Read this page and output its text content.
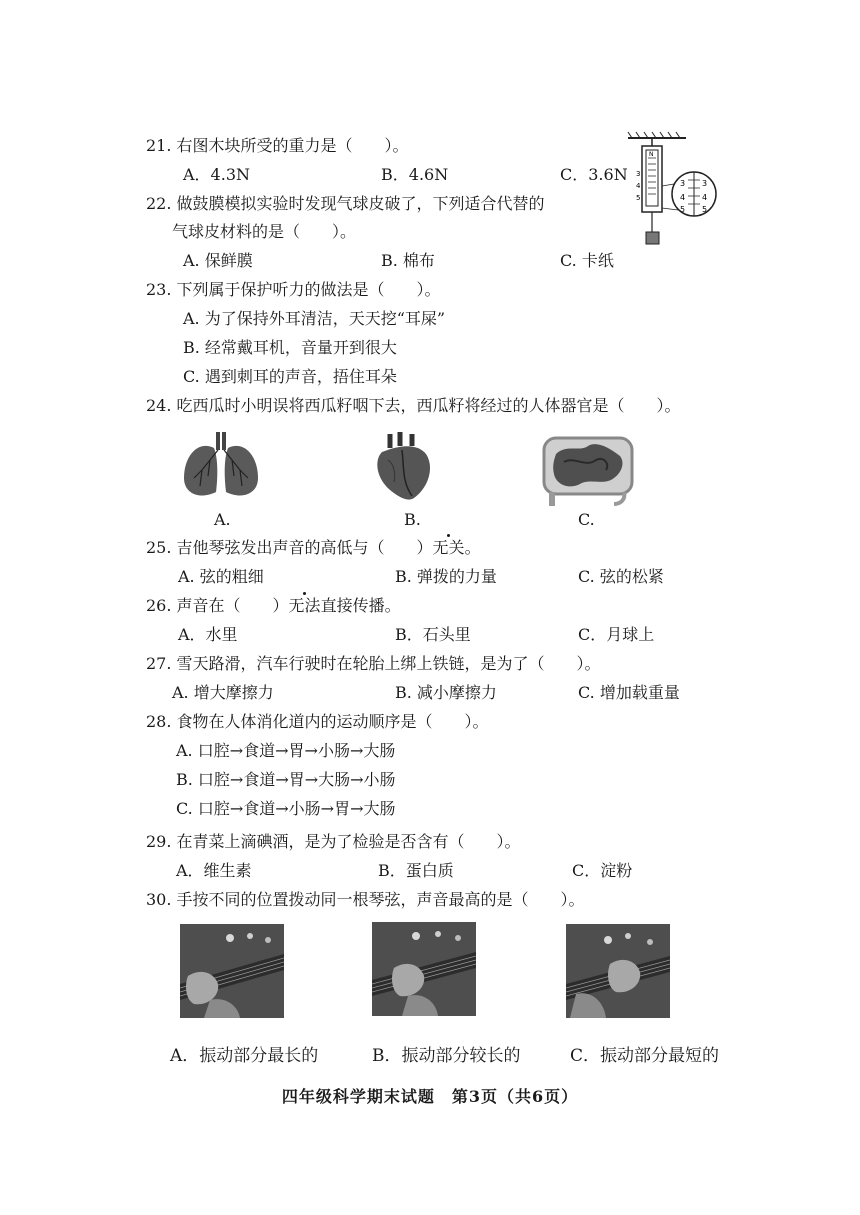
21. 右图木块所受的重力是（　　）。
A．4.3N	B．4.6N	C．3.6N
N
3
4
5
3
4
5
3
4
5
22. 做鼓膜模拟实验时发现气球皮破了，下列适合代替的
气球皮材料的是（　　）。
A. 保鲜膜	B. 棉布	C. 卡纸
23. 下列属于保护听力的做法是（　　）。
A. 为了保持外耳清洁，天天挖“耳屎”
B. 经常戴耳机，音量开到很大
C. 遇到刺耳的声音，捂住耳朵
24. 吃西瓜时小明误将西瓜籽咽下去，西瓜籽将经过的人体器官是（　　）。
A.	B.	C.
25. 吉他琴弦发出声音的高低与（　　）无关。
A. 弦的粗细	B. 弹拨的力量	C. 弦的松紧
26. 声音在（　　）无法直接传播。
A．水里	B．石头里	C．月球上
27. 雪天路滑，汽车行驶时在轮胎上绑上铁链，是为了（　　）。
A. 增大摩擦力	B. 减小摩擦力	C. 增加载重量
28. 食物在人体消化道内的运动顺序是（　　）。
A. 口腔→食道→胃→小肠→大肠
B. 口腔→食道→胃→大肠→小肠
C. 口腔→食道→小肠→胃→大肠
29. 在青菜上滴碘酒，是为了检验是否含有（　　）。
A．维生素	B．蛋白质	C．淀粉
30. 手按不同的位置拨动同一根琴弦，声音最高的是（　　）。
A．振动部分最长的	B．振动部分较长的	C．振动部分最短的
四年级科学期末试题　第3页（共6页）
